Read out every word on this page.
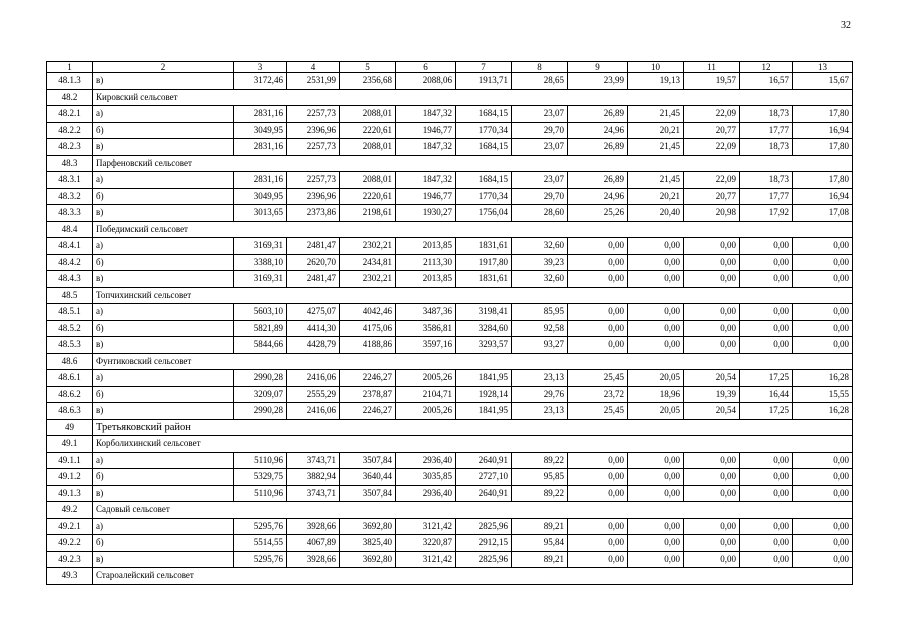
32
1	2	3	4	5	6	7	8	9	10	11	12	13
48.1.3	в)	3172,46	2531,99	2356,68	2088,06	1913,71	28,65	23,99	19,13	19,57	16,57	15,67
48.2	Кировский сельсовет											
48.2.1	а)	2831,16	2257,73	2088,01	1847,32	1684,15	23,07	26,89	21,45	22,09	18,73	17,80
48.2.2	б)	3049,95	2396,96	2220,61	1946,77	1770,34	29,70	24,96	20,21	20,77	17,77	16,94
48.2.3	в)	2831,16	2257,73	2088,01	1847,32	1684,15	23,07	26,89	21,45	22,09	18,73	17,80
48.3	Парфеновский сельсовет											
48.3.1	а)	2831,16	2257,73	2088,01	1847,32	1684,15	23,07	26,89	21,45	22,09	18,73	17,80
48.3.2	б)	3049,95	2396,96	2220,61	1946,77	1770,34	29,70	24,96	20,21	20,77	17,77	16,94
48.3.3	в)	3013,65	2373,86	2198,61	1930,27	1756,04	28,60	25,26	20,40	20,98	17,92	17,08
48.4	Победимский сельсовет											
48.4.1	а)	3169,31	2481,47	2302,21	2013,85	1831,61	32,60	0,00	0,00	0,00	0,00	0,00
48.4.2	б)	3388,10	2620,70	2434,81	2113,30	1917,80	39,23	0,00	0,00	0,00	0,00	0,00
48.4.3	в)	3169,31	2481,47	2302,21	2013,85	1831,61	32,60	0,00	0,00	0,00	0,00	0,00
48.5	Топчихинский сельсовет											
48.5.1	а)	5603,10	4275,07	4042,46	3487,36	3198,41	85,95	0,00	0,00	0,00	0,00	0,00
48.5.2	б)	5821,89	4414,30	4175,06	3586,81	3284,60	92,58	0,00	0,00	0,00	0,00	0,00
48.5.3	в)	5844,66	4428,79	4188,86	3597,16	3293,57	93,27	0,00	0,00	0,00	0,00	0,00
48.6	Фунтиковский сельсовет											
48.6.1	а)	2990,28	2416,06	2246,27	2005,26	1841,95	23,13	25,45	20,05	20,54	17,25	16,28
48.6.2	б)	3209,07	2555,29	2378,87	2104,71	1928,14	29,76	23,72	18,96	19,39	16,44	15,55
48.6.3	в)	2990,28	2416,06	2246,27	2005,26	1841,95	23,13	25,45	20,05	20,54	17,25	16,28
49	Третьяковский район											
49.1	Корболихинский сельсовет											
49.1.1	а)	5110,96	3743,71	3507,84	2936,40	2640,91	89,22	0,00	0,00	0,00	0,00	0,00
49.1.2	б)	5329,75	3882,94	3640,44	3035,85	2727,10	95,85	0,00	0,00	0,00	0,00	0,00
49.1.3	в)	5110,96	3743,71	3507,84	2936,40	2640,91	89,22	0,00	0,00	0,00	0,00	0,00
49.2	Садовый сельсовет											
49.2.1	а)	5295,76	3928,66	3692,80	3121,42	2825,96	89,21	0,00	0,00	0,00	0,00	0,00
49.2.2	б)	5514,55	4067,89	3825,40	3220,87	2912,15	95,84	0,00	0,00	0,00	0,00	0,00
49.2.3	в)	5295,76	3928,66	3692,80	3121,42	2825,96	89,21	0,00	0,00	0,00	0,00	0,00
49.3	Староалейский сельсовет											
